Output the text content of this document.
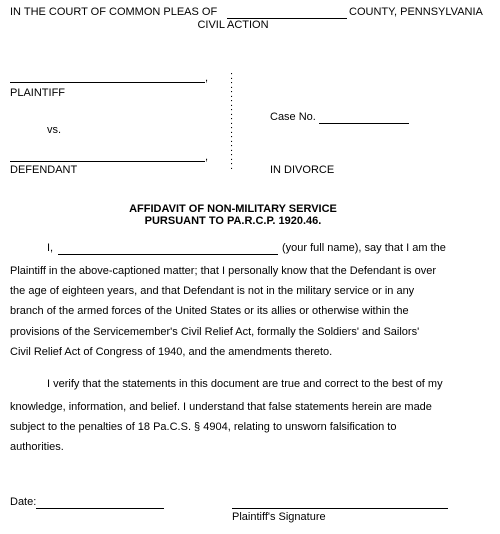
IN THE COURT OF COMMON PLEAS OF	COUNTY, PENNSYLVANIA
CIVIL ACTION
,
PLAINTIFF
vs.
,
DEFENDANT
:
:
:
:
:
:
:
:
:
:
:
Case No.
IN DIVORCE
AFFIDAVIT OF NON-MILITARY SERVICE
PURSUANT TO PA.R.C.P. 1920.46.
I,	(your full name), say that I am the
Plaintiff in the above-captioned matter; that I personally know that the Defendant is over
the age of eighteen years, and that Defendant is not in the military service or in any
branch of the armed forces of the United States or its allies or otherwise within the
provisions of the Servicemember's Civil Relief Act, formally the Soldiers' and Sailors'
Civil Relief Act of Congress of 1940, and the amendments thereto.
I verify that the statements in this document are true and correct to the best of my
knowledge, information, and belief. I understand that false statements herein are made
subject to the penalties of 18 Pa.C.S. § 4904, relating to unsworn falsification to
authorities.
Date:
Plaintiff's Signature
